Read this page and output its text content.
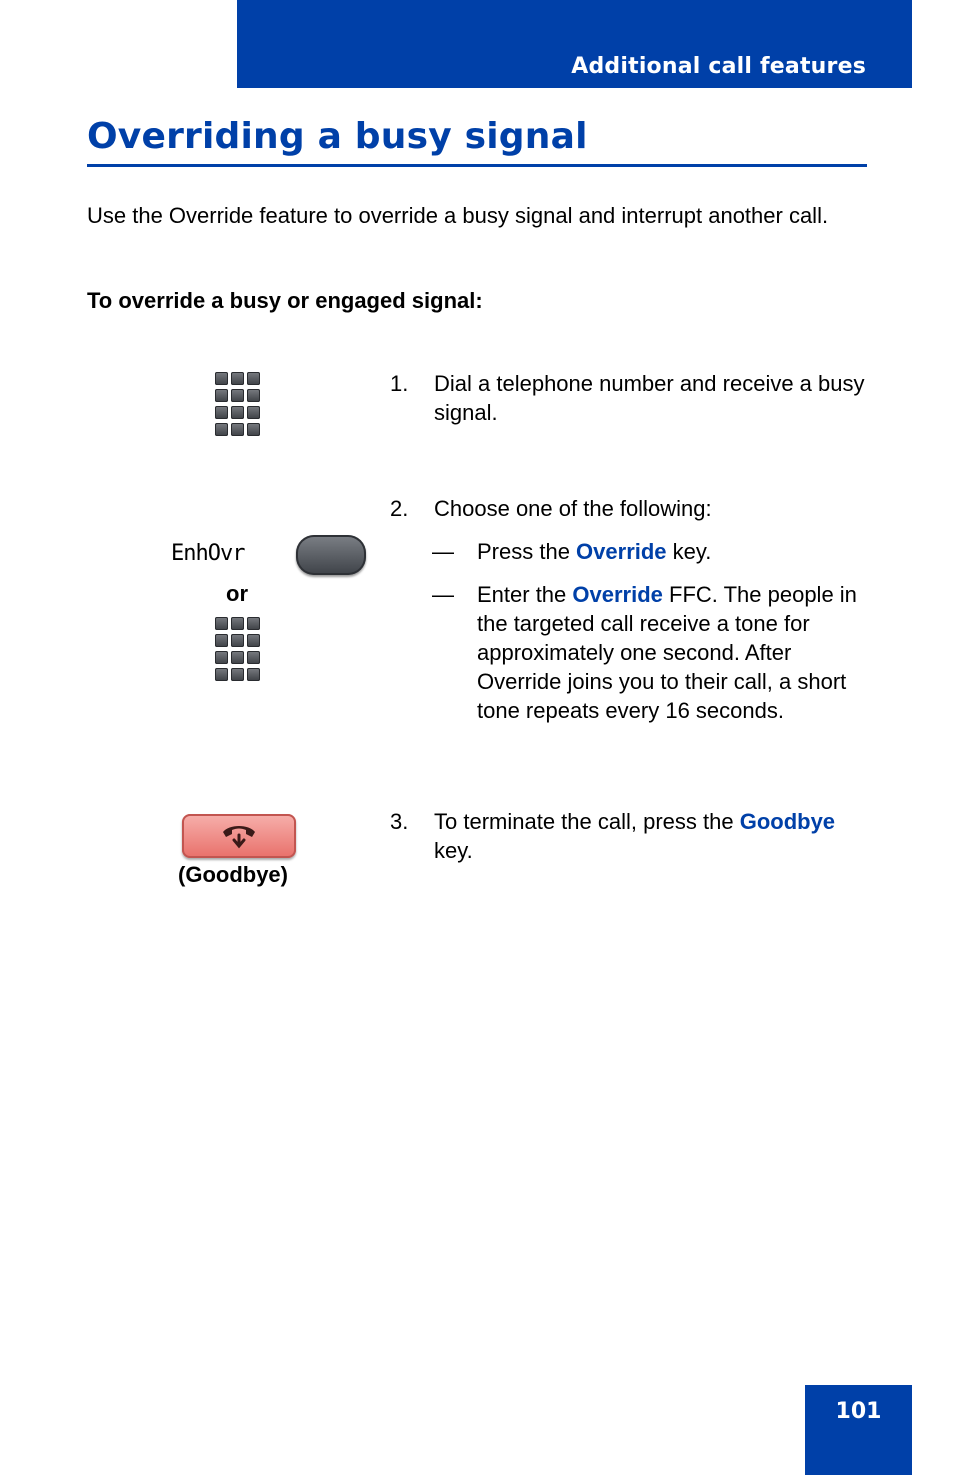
Additional call features
Overriding a busy signal

Use the Override feature to override a busy signal and interrupt another call.

To override a busy or engaged signal:

1. Dial a telephone number and receive a busy signal.
2. Choose one of the following:
— Press the Override key.
— Enter the Override FFC. The people in the targeted call receive a tone for approximately one second. After Override joins you to their call, a short tone repeats every 16 seconds.
EnhOvr
or
(Goodbye)
3. To terminate the call, press the Goodbye key.
101
